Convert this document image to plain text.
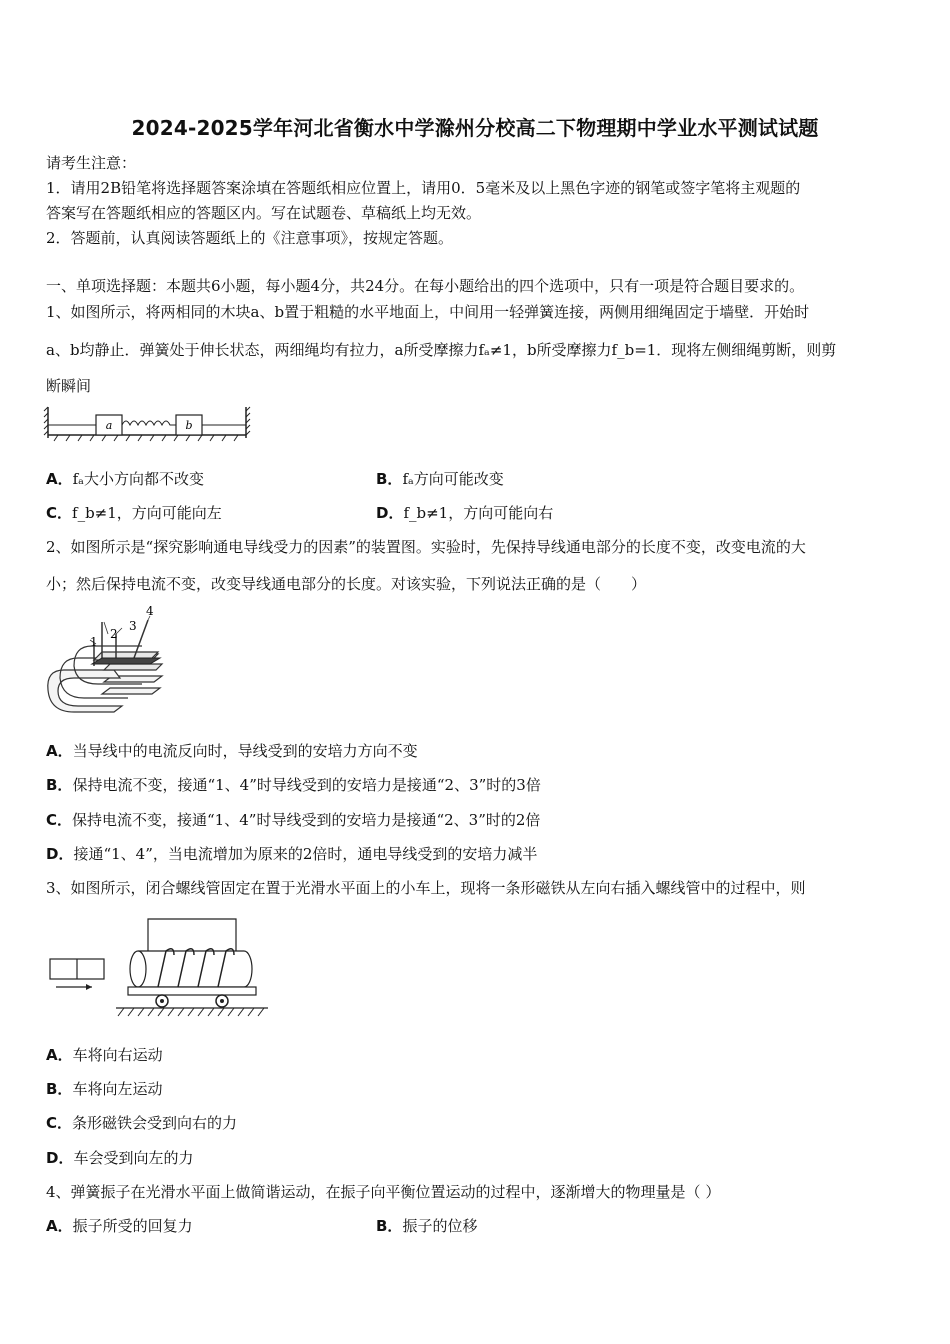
2024-2025学年河北省衡水中学滁州分校高二下物理期中学业水平测试试题
请考生注意：
1．请用2B铅笔将选择题答案涂填在答题纸相应位置上，请用0．5毫米及以上黑色字迹的钢笔或签字笔将主观题的
答案写在答题纸相应的答题区内。写在试题卷、草稿纸上均无效。
2．答题前，认真阅读答题纸上的《注意事项》，按规定答题。
一、单项选择题：本题共6小题，每小题4分，共24分。在每小题给出的四个选项中，只有一项是符合题目要求的。
1、如图所示，将两相同的木块a、b置于粗糙的水平地面上，中间用一轻弹簧连接，两侧用细绳固定于墙壁．开始时
a、b均静止．弹簧处于伸长状态，两细绳均有拉力，a所受摩擦力fₐ≠1，b所受摩擦力f_b=1．现将左侧细绳剪断，则剪
断瞬间
a	b
A．fₐ大小方向都不改变	B．fₐ方向可能改变
C．f_b≠1，方向可能向左	D．f_b≠1，方向可能向右
2、如图所示是“探究影响通电导线受力的因素”的装置图。实验时，先保持导线通电部分的长度不变，改变电流的大
小；然后保持电流不变，改变导线通电部分的长度。对该实验，下列说法正确的是（　　）
1
2
3
4
A．当导线中的电流反向时，导线受到的安培力方向不变
B．保持电流不变，接通“1、4”时导线受到的安培力是接通“2、3”时的3倍
C．保持电流不变，接通“1、4”时导线受到的安培力是接通“2、3”时的2倍
D．接通“1、4”，当电流增加为原来的2倍时，通电导线受到的安培力减半
3、如图所示，闭合螺线管固定在置于光滑水平面上的小车上，现将一条形磁铁从左向右插入螺线管中的过程中，则
A．车将向右运动
B．车将向左运动
C．条形磁铁会受到向右的力
D．车会受到向左的力
4、弹簧振子在光滑水平面上做简谐运动，在振子向平衡位置运动的过程中，逐渐增大的物理量是（ ）
A．振子所受的回复力	B．振子的位移
